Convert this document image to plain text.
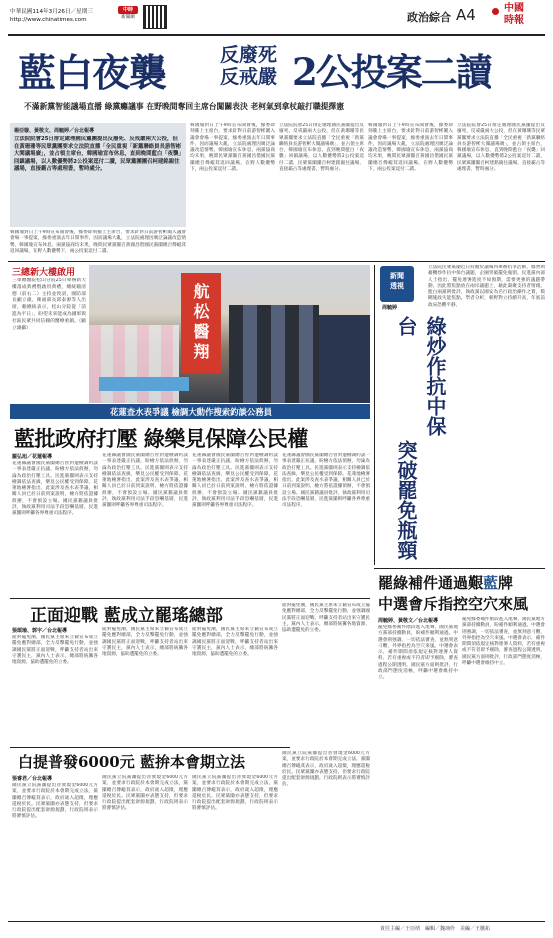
中華民國114年3月26日／星期三
http://www.chinatimes.com
中時
新聞網	政治綜合 A4	中國
時報
藍白夜襲	反廢死
反戒嚴 2公投案二讀
不滿新黨智能議場直播 綠黨癱議事 在野晚間奪回主席台闖關表決 老柯氣到拿杖敲打職提擇憲
楊亞璇、黃敬文、周毓婷／台北報導
立法院院會25日排定處理國民黨團提出反廢死、反戒嚴兩大公投，但在黃珊珊等民眾黨團要求立法院直播「全民重視「新黨聯絡員長游智彬大閱議場廣」，並占領主席台，韓國瑜宣布休息，直到晚間藍白「夜襲」回鎮議場，以人數優勢將2公投案逕付二讀，民眾黨團團召柯建銘親往議場，直接霸占等處理書，暫時處分。
韓國瑜對日上午9時宣布開會後，綠委即刻衝上主席台，要求針對日前游智彬闖入議會會場一事提案，綠委重演去年日間事件，因而議場大亂，立法院處理因廣泛論議改造情勢，韓國瑜宣布休息，兩黨協商均未果，晚間民眾黨團召黃國昌偕國民黨團總召傅崐萁返回議場，在野人數優勢下，兩公投案逕付二讀。
韓國瑜對日上午9時宣布開會後，綠委即刻衝上主席台，要求針對日前游智彬闖入議會會場一事提案，綠委重演去年日間事件，因而議場大亂，立法院處理因廣泛論議改造情勢，韓國瑜宣布休息，兩黨協商均未果，晚間民眾黨團召黃國昌偕國民黨團總召傅崐萁返回議場，在野人數優勢下，兩公投案逕付二讀。
立法院院會25日排定處理國民黨團提出反廢死、反戒嚴兩大公投，但在黃珊珊等民眾黨團要求立法院直播「全民重視「新黨聯絡員長游智彬大閱議場廣」，並占領主席台，韓國瑜宣布休息，直到晚間藍白「夜襲」回鎮議場，以人數優勢將2公投案逕付二讀，民眾黨團團召柯建銘親往議場，直接霸占等處理書，暫時處分。
韓國瑜對日上午9時宣布開會後，綠委即刻衝上主席台，要求針對日前游智彬闖入議會會場一事提案，綠委重演去年日間事件，因而議場大亂，立法院處理因廣泛論議改造情勢，韓國瑜宣布休息，兩黨協商均未果，晚間民眾黨團召黃國昌偕國民黨團總召傅崐萁返回議場，在野人數優勢下，兩公投案逕付二讀。
立法院院會25日排定處理國民黨團提出反廢死、反戒嚴兩大公投，但在黃珊珊等民眾黨團要求立法院直播「全民重視「新黨聯絡員長游智彬大閱議場廣」，並占領主席台，韓國瑜宣布休息，直到晚間藍白「夜襲」回鎮議場，以人數優勢將2公投案逕付二讀，民眾黨團團召柯建銘親往議場，直接霸占等處理書，暫時處分。
三總新大樓啟用
三軍總醫院松山分院25日舉辦新大樓落成典禮暨啟用典禮，總統賴清德（前右二）主持並致詞，國防部長顧立雄、衛福部長邱泰源等人出席，賴總統表示，松山分院從「前進為平日」，盼望未來能成為國軍與社區民眾共同信賴的醫療重鎮。（顧立雄攝）	航松醫翔
花蓮查水表爭議 檢調大動作搜索釣談公務員
藍批政府打壓 綠樂見保障公民權
羅弘旭／花蓮報導
花蓮縣議會國民黨團總召曾對遭檢調約談一事表達嚴正抗議，盼檢方依法偵辦，勿淪為政治打壓工具。民進黨團則表示支持檢調依法查緝，樂見公民權受到保障。花蓮地檢署指出，此案涉及查水表爭議，相關人員已於日前到案說明，檢方將依證據偵辦，不會預設立場。國民黨籍議員批評，執政黨利用司法手段恐嚇基層，民進黨團則呼籲各界尊重司法程序。
花蓮縣議會國民黨團總召曾對遭檢調約談一事表達嚴正抗議，盼檢方依法偵辦，勿淪為政治打壓工具。民進黨團則表示支持檢調依法查緝，樂見公民權受到保障。花蓮地檢署指出，此案涉及查水表爭議，相關人員已於日前到案說明，檢方將依證據偵辦，不會預設立場。國民黨籍議員批評，執政黨利用司法手段恐嚇基層，民進黨團則呼籲各界尊重司法程序。
花蓮縣議會國民黨團總召曾對遭檢調約談一事表達嚴正抗議，盼檢方依法偵辦，勿淪為政治打壓工具。民進黨團則表示支持檢調依法查緝，樂見公民權受到保障。花蓮地檢署指出，此案涉及查水表爭議，相關人員已於日前到案說明，檢方將依證據偵辦，不會預設立場。國民黨籍議員批評，執政黨利用司法手段恐嚇基層，民進黨團則呼籲各界尊重司法程序。
花蓮縣議會國民黨團總召曾對遭檢調約談一事表達嚴正抗議，盼檢方依法偵辦，勿淪為政治打壓工具。民進黨團則表示支持檢調依法查緝，樂見公民權受到保障。花蓮地檢署指出，此案涉及查水表爭議，相關人員已於日前到案說明，檢方將依證據偵辦，不會預設立場。國民黨籍議員批評，執政黨利用司法手段恐嚇基層，民進黨團則呼籲各界尊重司法程序。
正面迎戰 藍成立罷瑤總部
張頌瑜、郭宇／台北報導
面對罷免潮，國民黨主席朱立倫宣布成立罷免應對總部，全力反擊罷免行動，並強調國民黨將正面迎戰，呼籲支持者站出來守護民主，黨內人士表示，總部將統籌各地資源，協助遭罷免的立委。
面對罷免潮，國民黨主席朱立倫宣布成立罷免應對總部，全力反擊罷免行動，並強調國民黨將正面迎戰，呼籲支持者站出來守護民主，黨內人士表示，總部將統籌各地資源，協助遭罷免的立委。
面對罷免潮，國民黨主席朱立倫宣布成立罷免應對總部，全力反擊罷免行動，並強調國民黨將正面迎戰，呼籲支持者站出來守護民主，黨內人士表示，總部將統籌各地資源，協助遭罷免的立委。
面對罷免潮，國民黨主席朱立倫宣布成立罷免應對總部，全力反擊罷免行動，並強調國民黨將正面迎戰，呼籲支持者站出來守護民主，黨內人士表示，總部將統籌各地資源，協助遭罷免的立委。
白提普發6000元 藍拚本會期立法
張睿君／台北報導
國民黨立院黨團提出普發現金6000元方案，並要求行政院於本會期完成立法，黨團總召傅崐萁表示，政府歲入超徵，理應還稅於民。民眾黨團亦表態支持，但要求行政院提出配套財源規劃，行政院則表示將審慎評估。
國民黨立院黨團提出普發現金6000元方案，並要求行政院於本會期完成立法，黨團總召傅崐萁表示，政府歲入超徵，理應還稅於民。民眾黨團亦表態支持，但要求行政院提出配套財源規劃，行政院則表示將審慎評估。
國民黨立院黨團提出普發現金6000元方案，並要求行政院於本會期完成立法，黨團總召傅崐萁表示，政府歲入超徵，理應還稅於民。民眾黨團亦表態支持，但要求行政院提出配套財源規劃，行政院則表示將審慎評估。
國民黨立院黨團提出普發現金6000元方案，並要求行政院於本會期完成立法，黨團總召傅崐萁表示，政府歲入超徵，理應還稅於民。民眾黨團亦表態支持，但要求行政院提出配套財源規劃，行政院則表示將審慎評估。
新聞
透視
周毓婷
綠炒作抗中保台
突破罷免瓶頸
立法院民眾黨團近日持續於議場內舉辦抗爭活動，綠營則藉機炒作抗中保台議題，企圖突破罷免瓶頸。民進黨內部人士指出，罷免連署進度不如預期，需要更強的議題帶動，因此將焦點放在兩岸議題上，藉此凝聚支持者情緒。藍白兩黨則批評，執政黨以國安為名行政治操作之實，模糊施政失能焦點。學者分析，朝野對立持續升高，年底前政局恐難平靜。
罷綠補件通過艱藍牌
中選會斥指控空穴來風
周毓婷、黃敬文／台北報導
罷免綠委補件階段進入尾聲，國民黨地方黨部持續動員，盼補件順利通過。中選會則強調，一切依法審查，並無刻意刁難，外界指控為空穴來風。中選會表示，補件期間須依規定核對連署人資料，若有重複或不符者即予剔除，審查過程公開透明。國民黨方面則批評，行政部門態度消極，呼籲中選會維持中立。
罷免綠委補件階段進入尾聲，國民黨地方黨部持續動員，盼補件順利通過。中選會則強調，一切依法審查，並無刻意刁難，外界指控為空穴來風。中選會表示，補件期間須依規定核對連署人資料，若有重複或不符者即予剔除，審查過程公開透明。國民黨方面則批評，行政部門態度消極，呼籲中選會維持中立。
責任主編／王亞靖　編輯／魏翊伶　美編／王騰拓
